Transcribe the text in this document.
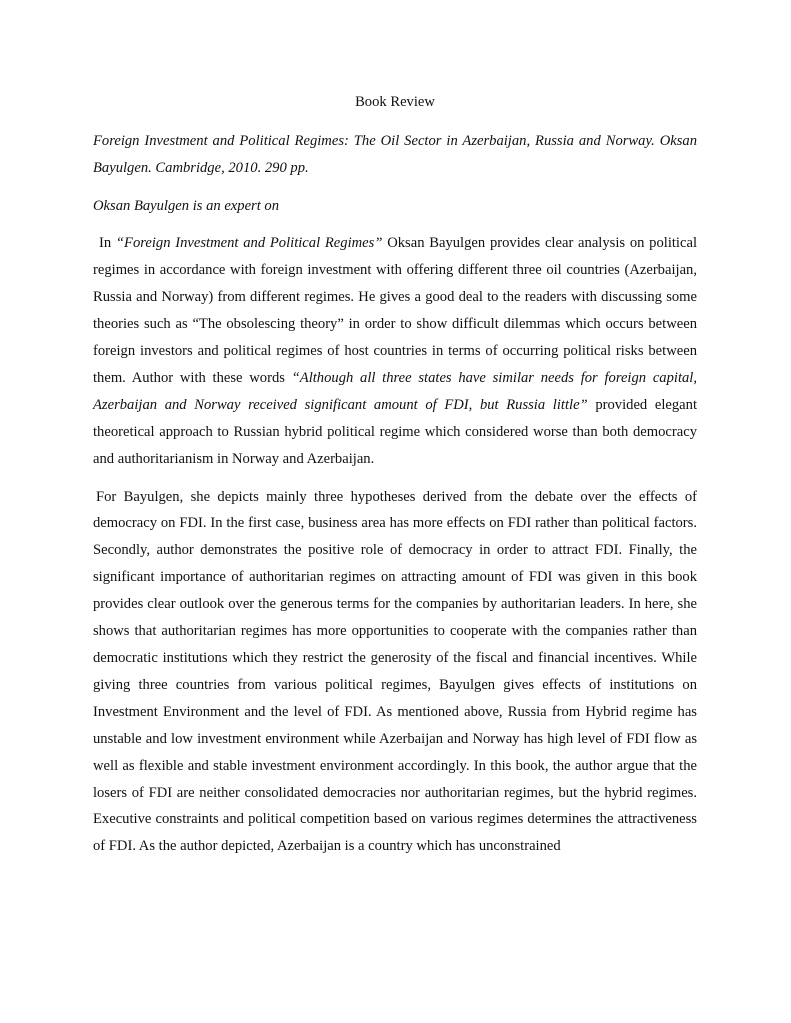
Book Review
Foreign Investment and Political Regimes: The Oil Sector in Azerbaijan, Russia and Norway. Oksan Bayulgen. Cambridge, 2010. 290 pp.
Oksan Bayulgen is an expert on

In “Foreign Investment and Political Regimes” Oksan Bayulgen provides clear analysis on political regimes in accordance with foreign investment with offering different three oil countries (Azerbaijan, Russia and Norway) from different regimes. He gives a good deal to the readers with discussing some theories such as “The obsolescing theory” in order to show difficult dilemmas which occurs between foreign investors and political regimes of host countries in terms of occurring political risks between them. Author with these words “Although all three states have similar needs for foreign capital, Azerbaijan and Norway received significant amount of FDI, but Russia little” provided elegant theoretical approach to Russian hybrid political regime which considered worse than both democracy and authoritarianism in Norway and Azerbaijan.

For Bayulgen, she depicts mainly three hypotheses derived from the debate over the effects of democracy on FDI. In the first case, business area has more effects on FDI rather than political factors. Secondly, author demonstrates the positive role of democracy in order to attract FDI. Finally, the significant importance of authoritarian regimes on attracting amount of FDI was given in this book provides clear outlook over the generous terms for the companies by authoritarian leaders. In here, she shows that authoritarian regimes has more opportunities to cooperate with the companies rather than democratic institutions which they restrict the generosity of the fiscal and financial incentives. While giving three countries from various political regimes, Bayulgen gives effects of institutions on Investment Environment and the level of FDI. As mentioned above, Russia from Hybrid regime has unstable and low investment environment while Azerbaijan and Norway has high level of FDI flow as well as flexible and stable investment environment accordingly. In this book, the author argue that the losers of FDI are neither consolidated democracies nor authoritarian regimes, but the hybrid regimes. Executive constraints and political competition based on various regimes determines the attractiveness of FDI. As the author depicted, Azerbaijan is a country which has unconstrained
